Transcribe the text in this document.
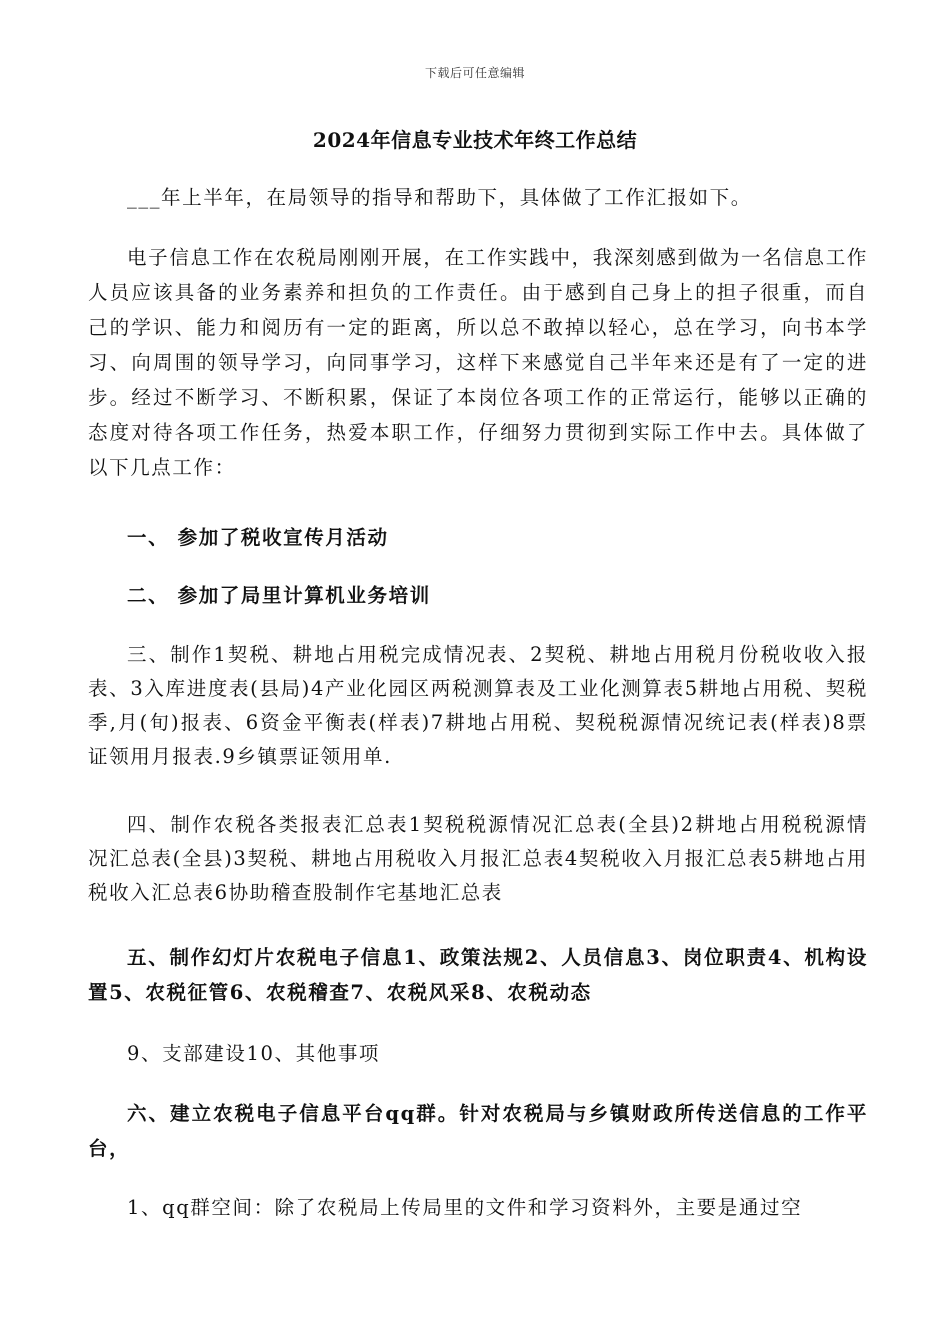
下载后可任意编辑
2024年信息专业技术年终工作总结

___年上半年，在局领导的指导和帮助下，具体做了工作汇报如下。

电子信息工作在农税局刚刚开展，在工作实践中，我深刻感到做为一名信息工作人员应该具备的业务素养和担负的工作责任。由于感到自己身上的担子很重，而自己的学识、能力和阅历有一定的距离，所以总不敢掉以轻心，总在学习，向书本学习、向周围的领导学习，向同事学习，这样下来感觉自己半年来还是有了一定的进步。经过不断学习、不断积累，保证了本岗位各项工作的正常运行，能够以正确的态度对待各项工作任务，热爱本职工作，仔细努力贯彻到实际工作中去。具体做了以下几点工作：

一、 参加了税收宣传月活动

二、 参加了局里计算机业务培训

三、制作1契税、耕地占用税完成情况表、2契税、耕地占用税月份税收收入报表、3入库进度表(县局)4产业化园区两税测算表及工业化测算表5耕地占用税、契税季,月(旬)报表、6资金平衡表(样表)7耕地占用税、契税税源情况统记表(样表)8票证领用月报表.9乡镇票证领用单.

四、制作农税各类报表汇总表1契税税源情况汇总表(全县)2耕地占用税税源情况汇总表(全县)3契税、耕地占用税收入月报汇总表4契税收入月报汇总表5耕地占用税收入汇总表6协助稽查股制作宅基地汇总表

五、制作幻灯片农税电子信息1、政策法规2、人员信息3、岗位职责4、机构设置5、农税征管6、农税稽查7、农税风采8、农税动态

9、支部建设10、其他事项

六、建立农税电子信息平台qq群。针对农税局与乡镇财政所传送信息的工作平台，

1、qq群空间：除了农税局上传局里的文件和学习资料外，主要是通过空
